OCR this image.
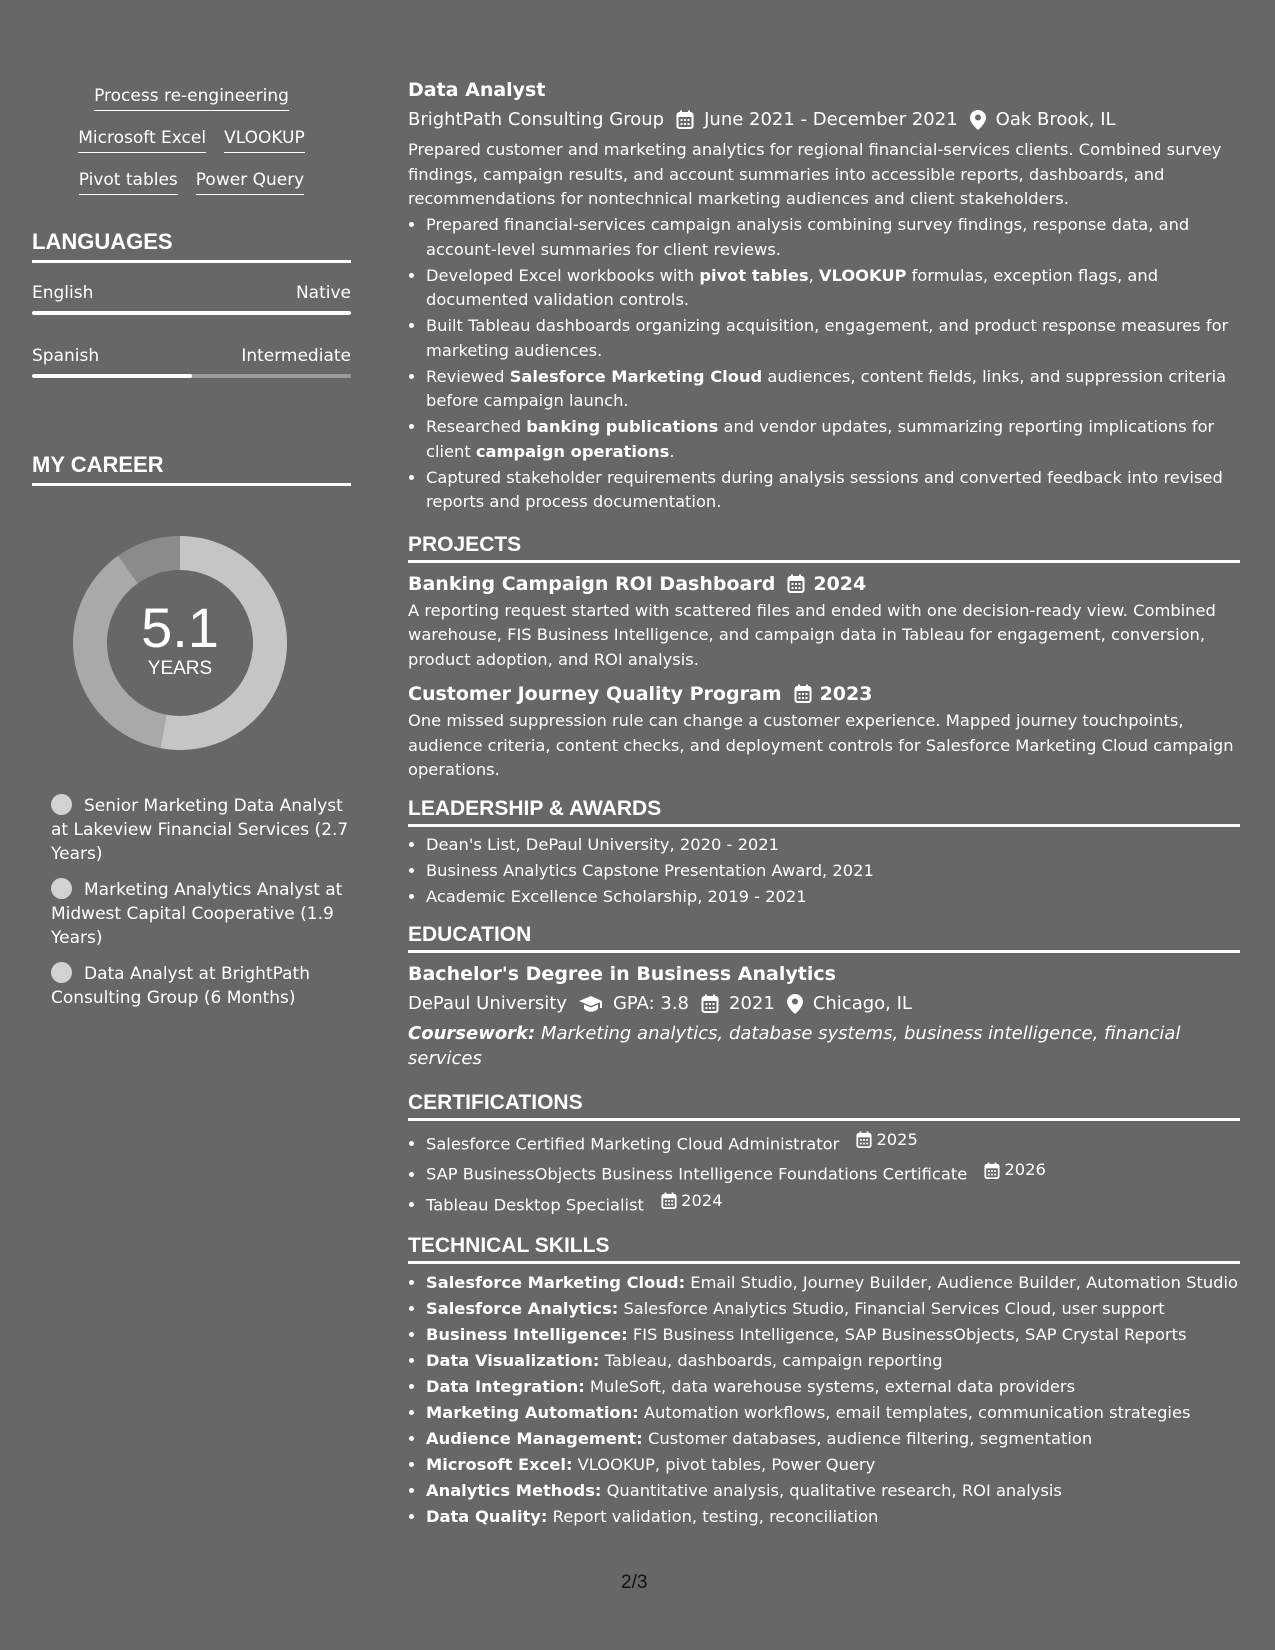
Process re-engineering
Microsoft Excel VLOOKUP
Pivot tables Power Query
LANGUAGES
English	Native
Spanish	Intermediate
MY CAREER
5.1
YEARS
Senior Marketing Data Analyst at Lakeview Financial Services (2.7 Years)
Marketing Analytics Analyst at Midwest Capital Cooperative (1.9 Years)
Data Analyst at BrightPath Consulting Group (6 Months)
Data Analyst
BrightPath Consulting Group June 2021 - December 2021 Oak Brook, IL
Prepared customer and marketing analytics for regional financial-services clients. Combined survey findings, campaign results, and account summaries into accessible reports, dashboards, and recommendations for nontechnical marketing audiences and client stakeholders.
• Prepared financial-services campaign analysis combining survey findings, response data, and account-level summaries for client reviews.
• Developed Excel workbooks with pivot tables, VLOOKUP formulas, exception flags, and documented validation controls.
• Built Tableau dashboards organizing acquisition, engagement, and product response measures for marketing audiences.
• Reviewed Salesforce Marketing Cloud audiences, content fields, links, and suppression criteria before campaign launch.
• Researched banking publications and vendor updates, summarizing reporting implications for client campaign operations.
• Captured stakeholder requirements during analysis sessions and converted feedback into revised reports and process documentation.
PROJECTS
Banking Campaign ROI Dashboard 2024
A reporting request started with scattered files and ended with one decision-ready view. Combined warehouse, FIS Business Intelligence, and campaign data in Tableau for engagement, conversion, product adoption, and ROI analysis.
Customer Journey Quality Program 2023
One missed suppression rule can change a customer experience. Mapped journey touchpoints, audience criteria, content checks, and deployment controls for Salesforce Marketing Cloud campaign operations.
LEADERSHIP & AWARDS
• Dean's List, DePaul University, 2020 - 2021
• Business Analytics Capstone Presentation Award, 2021
• Academic Excellence Scholarship, 2019 - 2021
EDUCATION
Bachelor's Degree in Business Analytics
DePaul University	GPA: 3.8 2021 Chicago, IL
Coursework: Marketing analytics, database systems, business intelligence, financial services
CERTIFICATIONS
• Salesforce Certified Marketing Cloud Administrator 2025
• SAP BusinessObjects Business Intelligence Foundations Certificate 2026
• Tableau Desktop Specialist 2024
TECHNICAL SKILLS
• Salesforce Marketing Cloud: Email Studio, Journey Builder, Audience Builder, Automation Studio
• Salesforce Analytics: Salesforce Analytics Studio, Financial Services Cloud, user support
• Business Intelligence: FIS Business Intelligence, SAP BusinessObjects, SAP Crystal Reports
• Data Visualization: Tableau, dashboards, campaign reporting
• Data Integration: MuleSoft, data warehouse systems, external data providers
• Marketing Automation: Automation workflows, email templates, communication strategies
• Audience Management: Customer databases, audience filtering, segmentation
• Microsoft Excel: VLOOKUP, pivot tables, Power Query
• Analytics Methods: Quantitative analysis, qualitative research, ROI analysis
• Data Quality: Report validation, testing, reconciliation
2/3
